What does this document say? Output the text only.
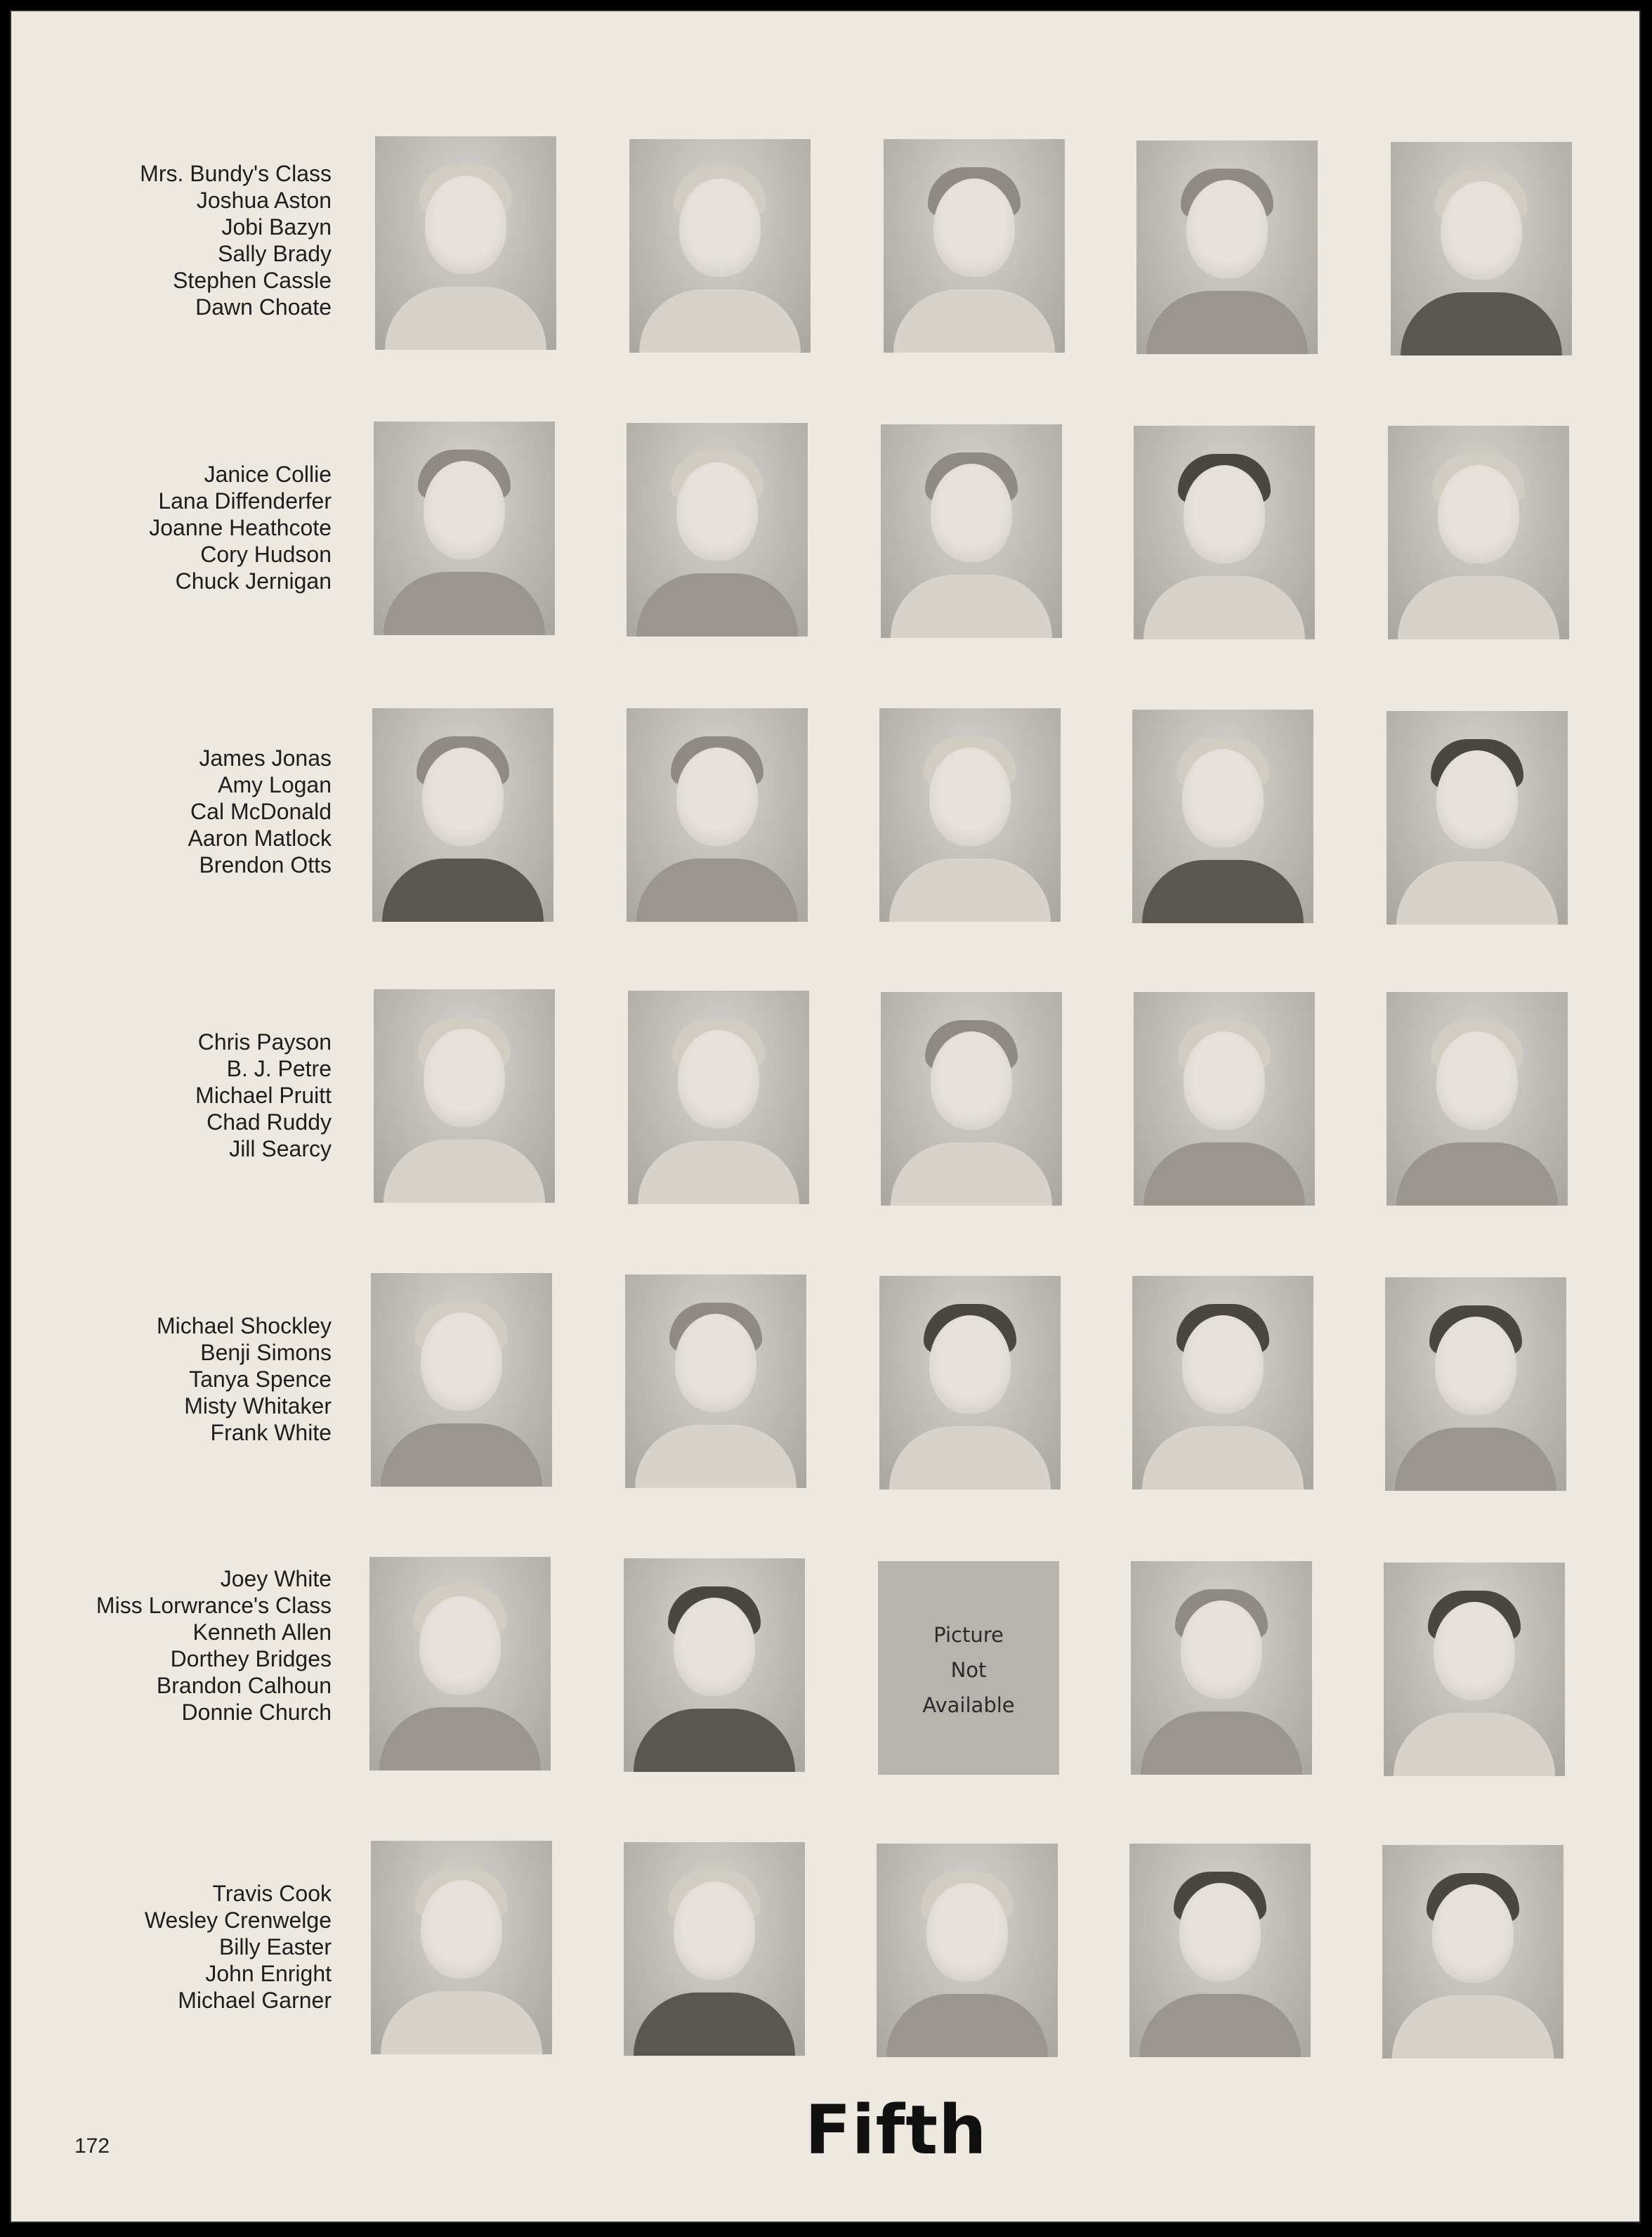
Mrs. Bundy's Class
Joshua Aston
Jobi Bazyn
Sally Brady
Stephen Cassle
Dawn Choate
Janice Collie
Lana Diffenderfer
Joanne Heathcote
Cory Hudson
Chuck Jernigan
James Jonas
Amy Logan
Cal McDonald
Aaron Matlock
Brendon Otts
Chris Payson
B. J. Petre
Michael Pruitt
Chad Ruddy
Jill Searcy
Michael Shockley
Benji Simons
Tanya Spence
Misty Whitaker
Frank White
Joey White
Miss Lorwrance's Class
Kenneth Allen
Dorthey Bridges
Brandon Calhoun
Donnie Church
Picture
Not
Available
Travis Cook
Wesley Crenwelge
Billy Easter
John Enright
Michael Garner
172	Fifth
